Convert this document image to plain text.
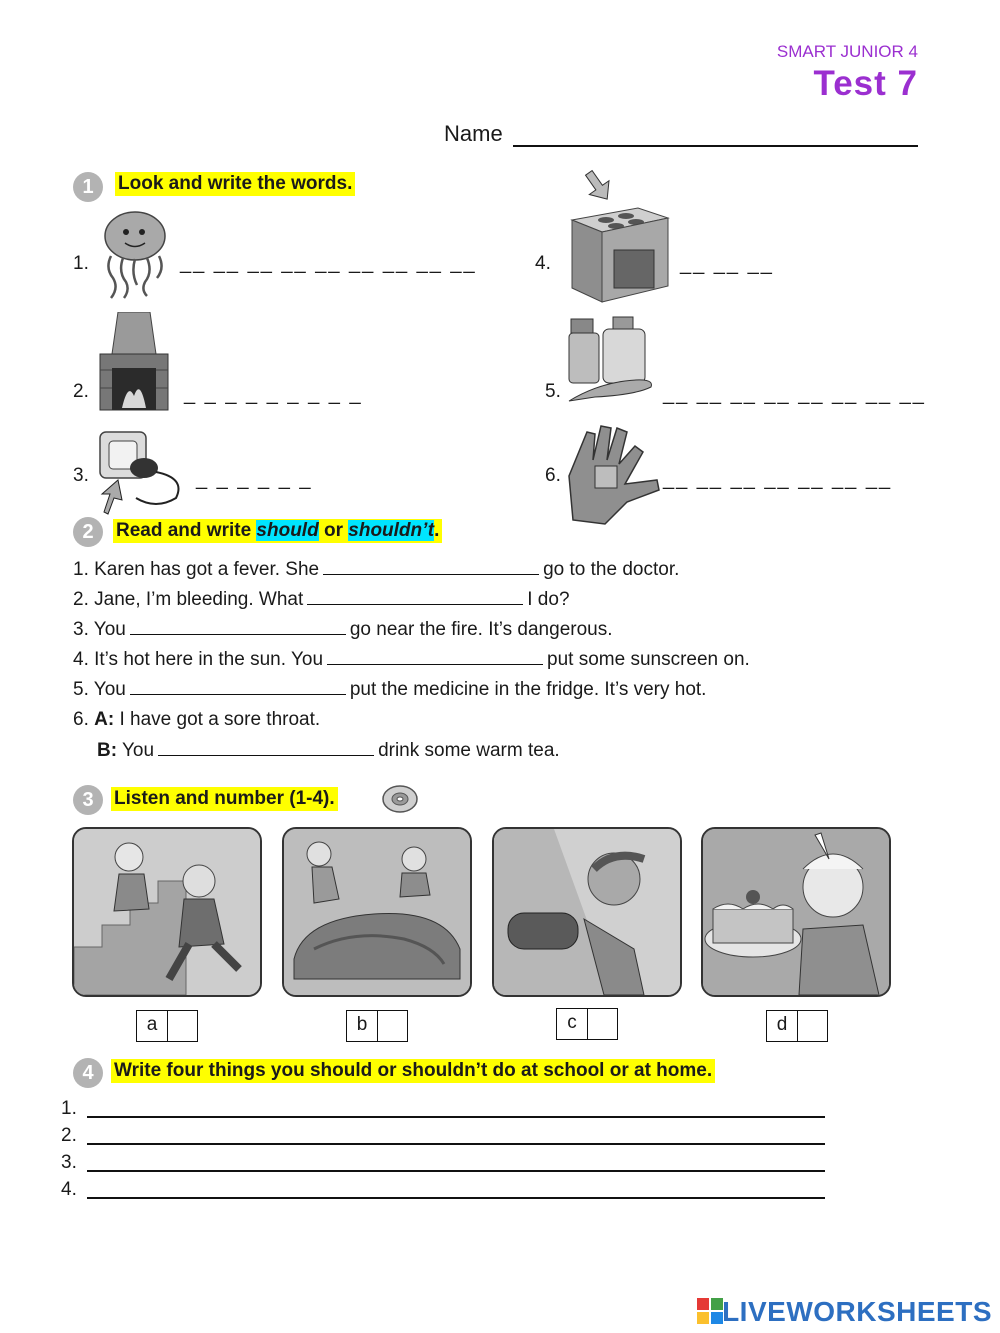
SMART JUNIOR 4
Test 7
Name
1	Look and write the words.
1.	__ __ __ __ __ __ __ __ __
2.	_ _ _ _ _ _ _ _ _
3.	_ _ _ _ _ _
4.	__ __ __
5.	__ __ __ __ __ __ __ __
6.	__ __ __ __ __ __ __
2	Read and write should or shouldn’t.
1. Karen has got a fever. She	go to the doctor.
2. Jane, I’m bleeding. What	I do?
3. You	go near the fire. It’s dangerous.
4. It’s hot here in the sun. You	put some sunscreen on.
5. You	put the medicine in the fridge. It’s very hot.
6. A: I have got a sore throat.
B: You	drink some warm tea.
3	Listen and number (1-4).
a	b	c	d
4	Write four things you should or shouldn’t do at school or at home.
1.
2.
3.
4.
LIVEWORKSHEETS
